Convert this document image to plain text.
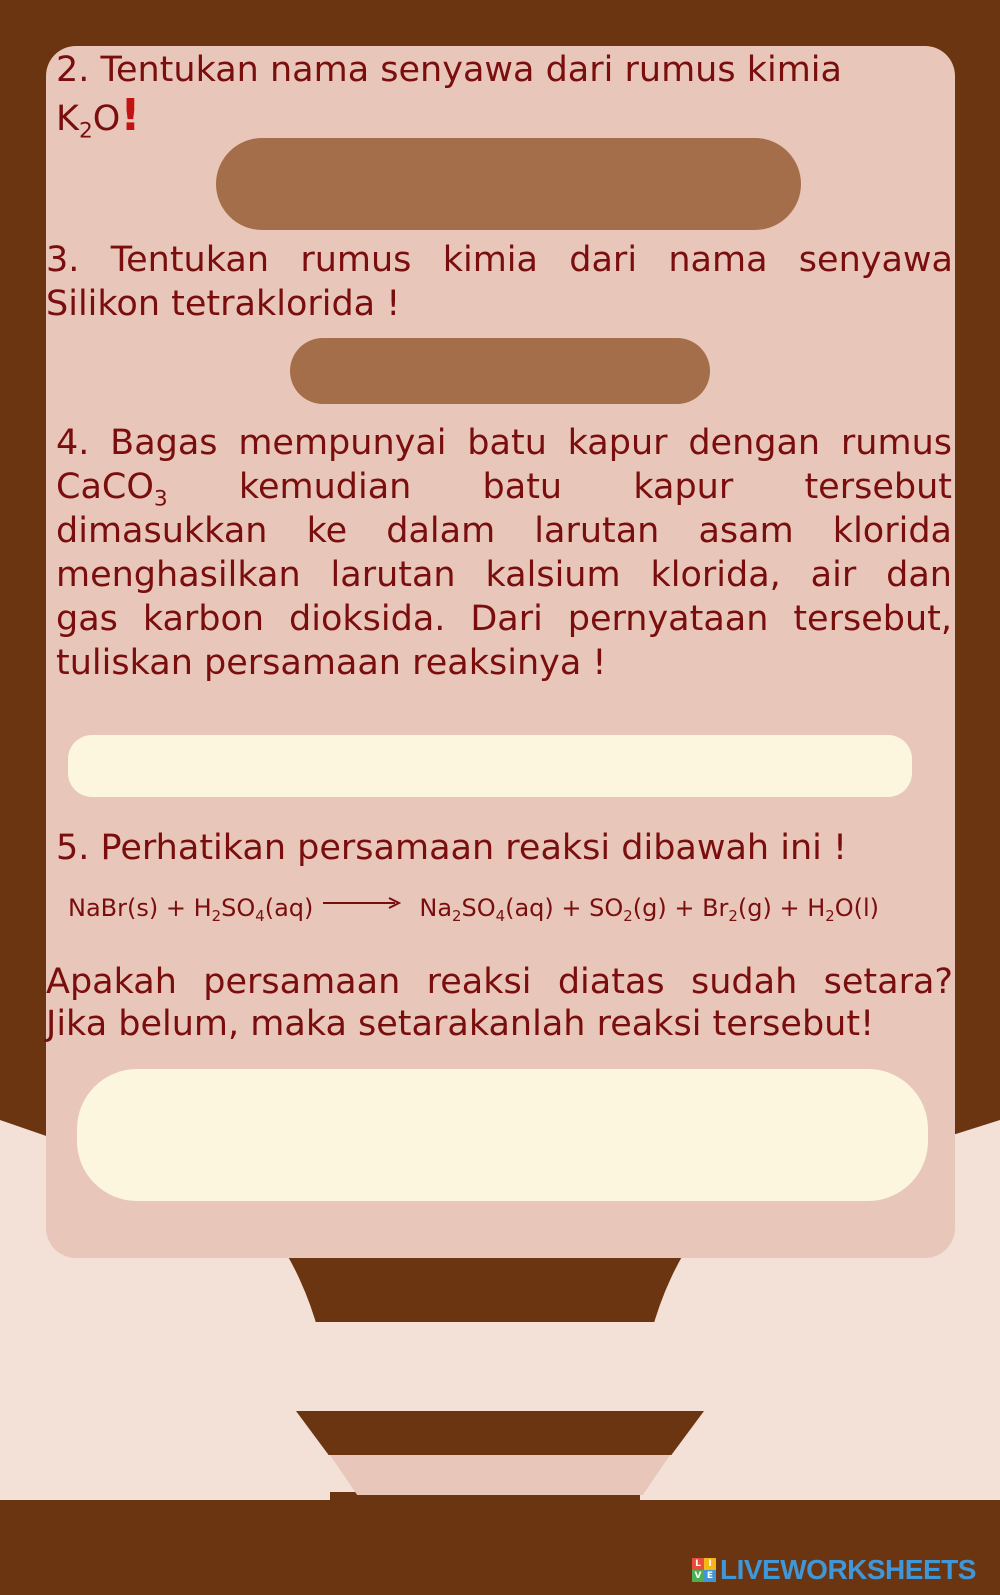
2. Tentukan nama senyawa dari rumus kimia

$K_2O$!

3. Tentukan rumus kimia dari nama senyawa

Silikon tetraklorida !

4. Bagas mempunyai batu kapur dengan rumus
CaCO$_3$ kemudian batu kapur tersebut
dimasukkan ke dalam larutan asam klorida
menghasilkan larutan kalsium klorida, air dan
gas karbon dioksida. Dari pernyataan tersebut,
tuliskan persamaan reaksinya !

5. Perhatikan persamaan reaksi dibawah ini !

NaBr(s) + $H_2SO_4(aq) \to Na_2SO_4(aq) + SO_2(g) + Br_2(g) + H_2O(l)$

Apakah persamaan reaksi diatas sudah setara?

Jika belum, maka setarakanlah reaksi tersebut!

L I
V E LIVEWORKSHEETS
